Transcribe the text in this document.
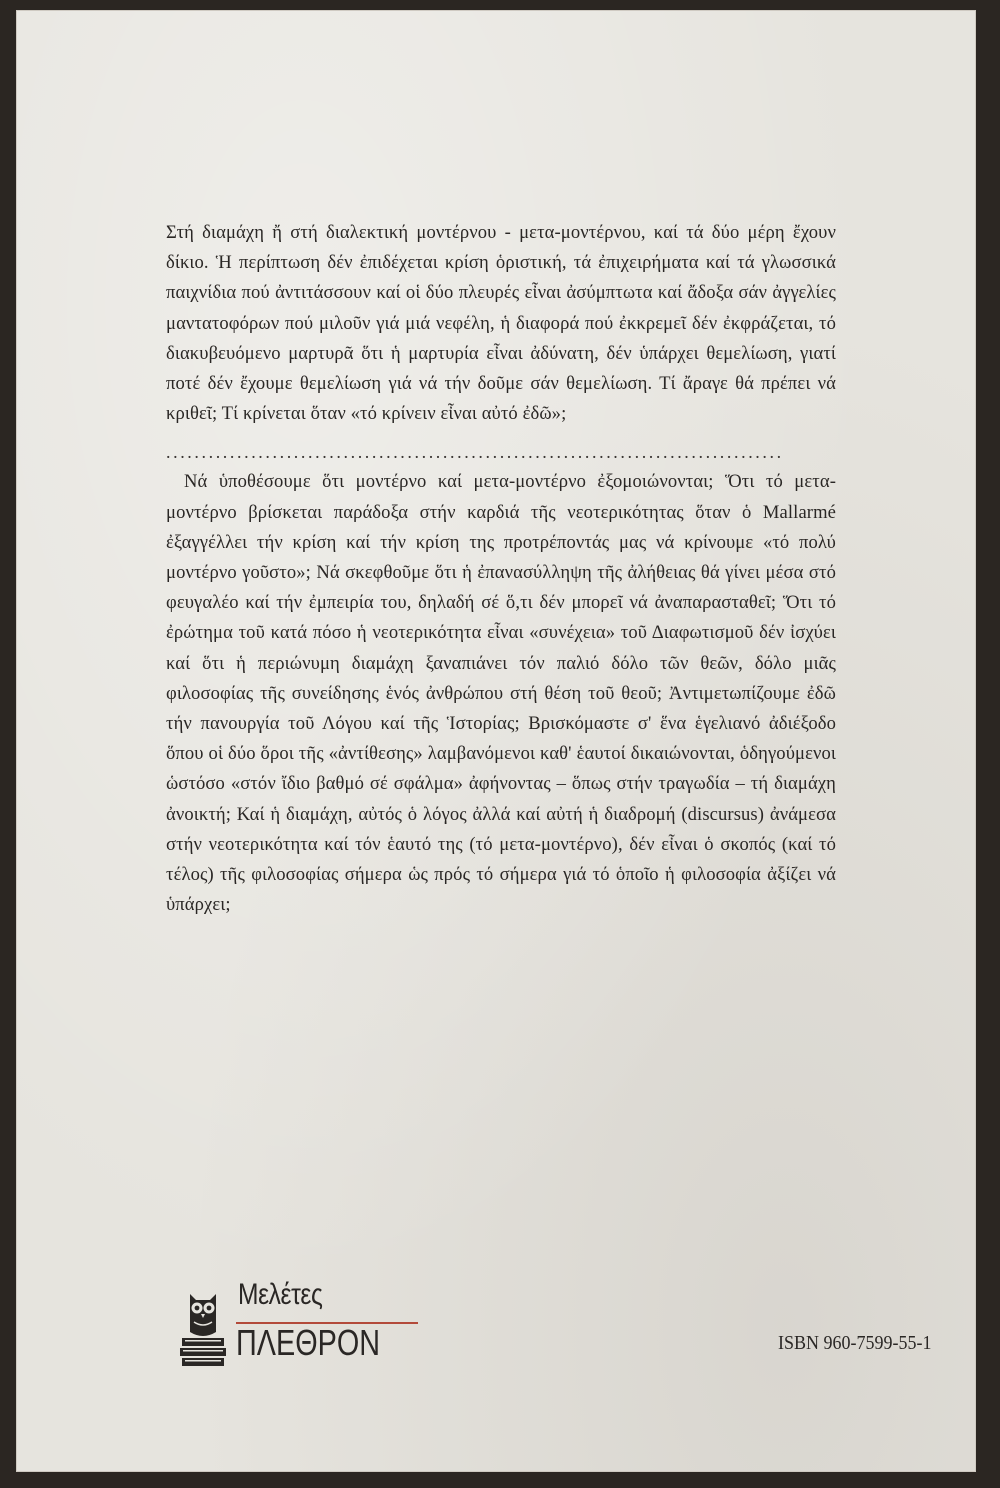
Στή διαμάχη ἤ στή διαλεκτική μοντέρνου - μετα-μοντέρνου, καί τά δύο μέρη ἔχουν δίκιο. Ἡ περίπτωση δέν ἐπιδέχεται κρίση ὁριστική, τά ἐπιχειρήματα καί τά γλωσσικά παιχνίδια πού ἀντιτάσσουν καί οἱ δύο πλευρές εἶναι ἀσύμπτωτα καί ἄδοξα σάν ἀγγελίες μαντατοφόρων πού μιλοῦν γιά μιά νεφέλη, ἡ διαφορά πού ἐκκρεμεῖ δέν ἐκφράζεται, τό διακυβευόμενο μαρτυρᾶ ὅτι ἡ μαρτυρία εἶναι ἀδύνατη, δέν ὑπάρχει θεμελίωση, γιατί ποτέ δέν ἔχουμε θεμελίωση γιά νά τήν δοῦμε σάν θεμελίωση. Τί ἄραγε θά πρέπει νά κριθεῖ; Τί κρίνεται ὅταν «τό κρίνειν εἶναι αὐτό ἐδῶ»;

.......................................................................................

Νά ὑποθέσουμε ὅτι μοντέρνο καί μετα-μοντέρνο ἐξομοιώνονται; Ὅτι τό μετα-μοντέρνο βρίσκεται παράδοξα στήν καρδιά τῆς νεοτερικότητας ὅταν ὁ Mallarmé ἐξαγγέλλει τήν κρίση καί τήν κρίση της προτρέποντάς μας νά κρίνουμε «τό πολύ μοντέρνο γοῦστο»; Νά σκεφθοῦμε ὅτι ἡ ἐπανασύλληψη τῆς ἀλήθειας θά γίνει μέσα στό φευγαλέο καί τήν ἐμπειρία του, δηλαδή σέ ὅ,τι δέν μπορεῖ νά ἀναπαρασταθεῖ; Ὅτι τό ἐρώτημα τοῦ κατά πόσο ἡ νεοτερικότητα εἶναι «συνέχεια» τοῦ Διαφωτισμοῦ δέν ἰσχύει καί ὅτι ἡ περιώνυμη διαμάχη ξαναπιάνει τόν παλιό δόλο τῶν θεῶν, δόλο μιᾶς φιλοσοφίας τῆς συνείδησης ἑνός ἀνθρώπου στή θέση τοῦ θεοῦ; Ἀντιμετωπίζουμε ἐδῶ τήν πανουργία τοῦ Λόγου καί τῆς Ἱστορίας; Βρισκόμαστε σ' ἕνα ἑγελιανό ἀδιέξοδο ὅπου οἱ δύο ὅροι τῆς «ἀντίθεσης» λαμβανόμενοι καθ' ἑαυτοί δικαιώνονται, ὁδηγούμενοι ὡστόσο «στόν ἴδιο βαθμό σέ σφάλμα» ἀφήνοντας – ὅπως στήν τραγωδία – τή διαμάχη ἀνοικτή; Καί ἡ διαμάχη, αὐτός ὁ λόγος ἀλλά καί αὐτή ἡ διαδρομή (discursus) ἀνάμεσα στήν νεοτερικότητα καί τόν ἑαυτό της (τό μετα-μοντέρνο), δέν εἶναι ὁ σκοπός (καί τό τέλος) τῆς φιλοσοφίας σήμερα ὡς πρός τό σήμερα γιά τό ὁποῖο ἡ φιλοσοφία ἀξίζει νά ὑπάρχει;

Μελέτες
ΠΛΕΘΡΟΝ	ISBN 960-7599-55-1
